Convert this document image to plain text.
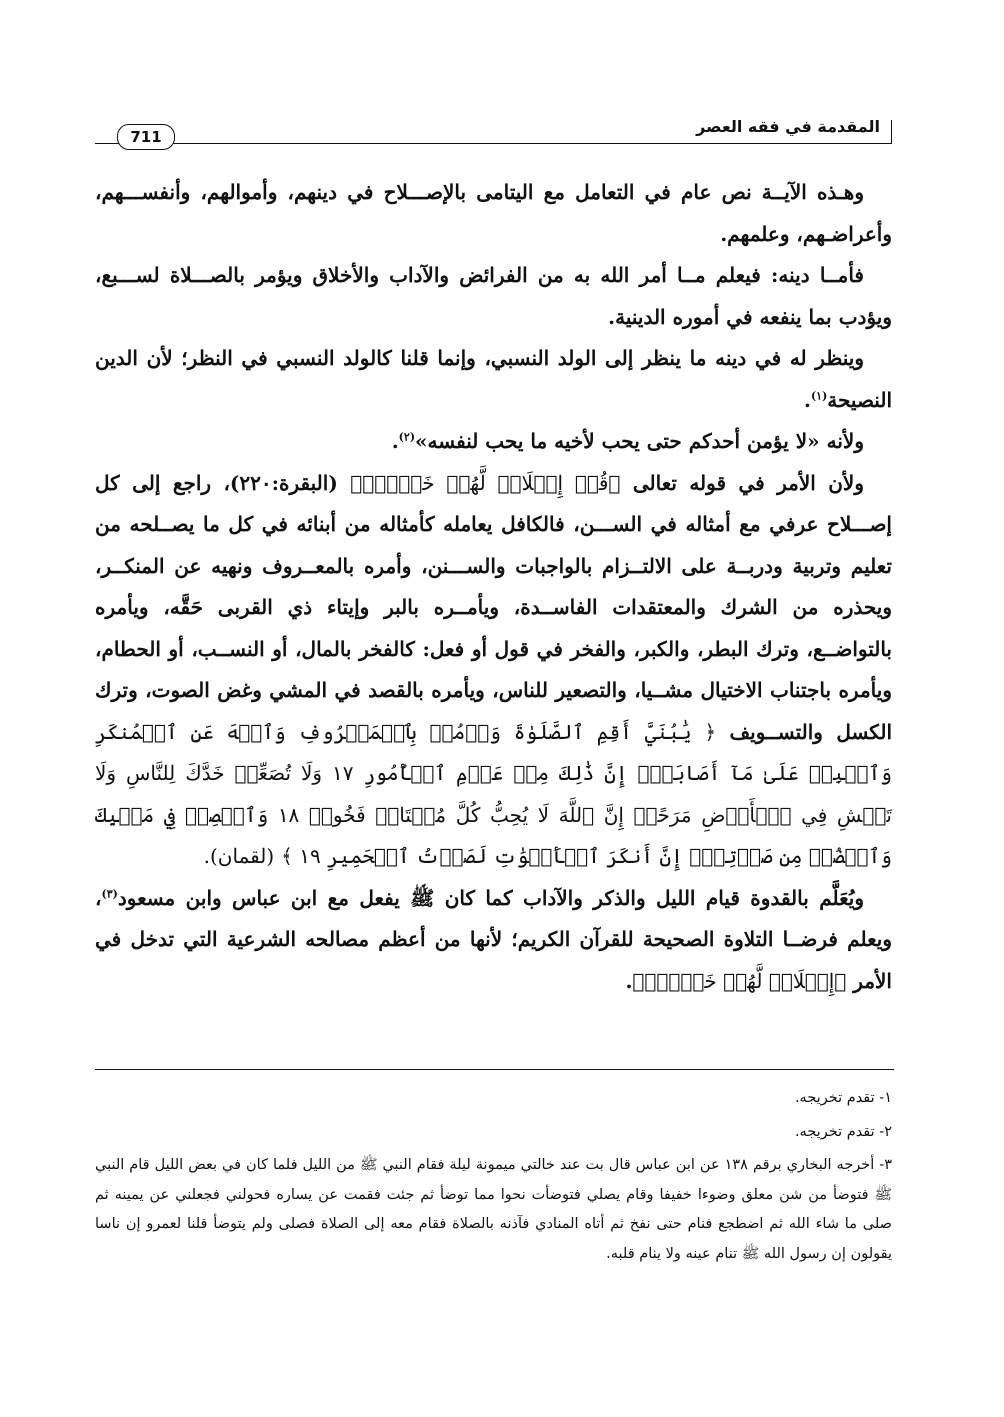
المقدمة في فقه العصر
711

وهـذه الآيــة نص عام في التعامل مع اليتامى بالإصـــلاح في دينهم، وأموالهم، وأنفســـهم، وأعراضـهم، وعلمهم.

فأمــا دينه: فيعلم مــا أمر الله به من الفرائض والآداب والأخلاق ويؤمر بالصـــلاة لســـبع، ويؤدب بما ينفعه في أموره الدينية.

وينظر له في دينه ما ينظر إلى الولد النسبي، وإنما قلنا كالولد النسبي في النظر؛ لأن الدين النصيحة$^{(١)}$.

ولأنه «لا يؤمن أحدكم حتى يحب لأخيه ما يحب لنفسه»$^{(٢)}$.

ولأن الأمر في قوله تعالى ﴿قُلۡ إِصۡلَاحٞ لَّهُمۡ خَيۡرٞۖ﴾ (البقرة:٢٢٠)، راجع إلى كل إصـــلاح عرفي مع أمثاله في الســـن، فالكافل يعامله كأمثاله من أبنائه في كل ما يصــلحه من تعليم وتربية ودربــة على الالتــزام بالواجبات والســـنن، وأمره بالمعــروف ونهيه عن المنكــر، ويحذره من الشرك والمعتقدات الفاســدة، ويأمــره بالبر وإيتاء ذي القربى حَقَّه، ويأمره بالتواضــع، وترك البطر، والكبر، والفخر في قول أو فعل: كالفخر بالمال، أو النســب، أو الحطام، ويأمره باجتناب الاختيال مشــيا، والتصعير للناس، ويأمره بالقصد في المشي وغض الصوت، وترك الكسل والتســويف ﴿ يَٰبُنَيَّ أَقِمِ ٱلصَّلَوٰةَ وَأۡمُرۡ بِٱلۡمَعۡرُوفِ وَٱنۡهَ عَنِ ٱلۡمُنكَرِ وَٱصۡبِرۡ عَلَىٰ مَآ أَصَابَكَۖ إِنَّ ذَٰلِكَ مِنۡ عَزۡمِ ٱلۡأُمُورِ ١٧ وَلَا تُصَعِّرۡ خَدَّكَ لِلنَّاسِ وَلَا تَمۡشِ فِي ٱلۡأَرۡضِ مَرَحًاۖ إِنَّ ٱللَّهَ لَا يُحِبُّ كُلَّ مُخۡتَالٖ فَخُورٖ ١٨ وَٱقۡصِدۡ فِي مَشۡيِكَ وَٱغۡضُضۡ مِن صَوۡتِكَۚ إِنَّ أَنكَرَ ٱلۡأَصۡوَٰتِ لَصَوۡتُ ٱلۡحَمِيرِ ١٩ ﴾ (لقمان).

ويُعَلَّم بالقدوة قيام الليل والذكر والآداب كما كان ﷺ يفعل مع ابن عباس وابن مسعود$^{(٣)}$، ويعلم فرضــا التلاوة الصحيحة للقرآن الكريم؛ لأنها من أعظم مصالحه الشرعية التي تدخل في الأمر ﴿إِصۡلَاحٞ لَّهُمۡ خَيۡرٞۖ﴾.

١- تقدم تخريجه.

٢- تقدم تخريجه.

٣- أخرجه البخاري برقم ١٣٨ عن ابن عباس قال بت عند خالتي ميمونة ليلة فقام النبي ﷺ من الليل فلما كان في بعض الليل قام النبي ﷺ فتوضأ من شن معلق وضوءا خفيفا وقام يصلي فتوضأت نحوا مما توضأ ثم جئت فقمت عن يساره فحولني فجعلني عن يمينه ثم صلى ما شاء الله ثم اضطجع فنام حتى نفخ ثم أتاه المنادي فآذنه بالصلاة فقام معه إلى الصلاة فصلى ولم يتوضأ قلنا لعمرو إن ناسا يقولون إن رسول الله ﷺ تنام عينه ولا ينام قلبه.
